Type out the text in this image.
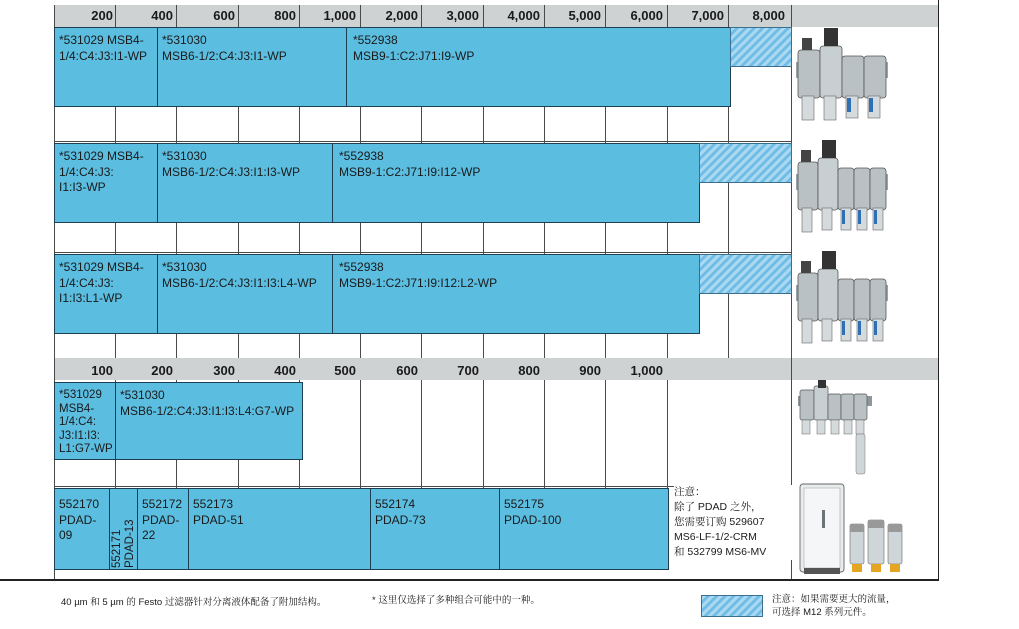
200	400	600	800	1,000	2,000	3,000	4,000	5,000	6,000	7,000	8,000
100	200	300	400	500	600	700	800	900	1,000
*531029 MSB4-
1/4:C4:J3:I1-WP
*531030
MSB6-1/2:C4:J3:I1-WP
*552938
MSB9-1:C2:J71:I9-WP
*531029 MSB4-
1/4:C4:J3:
I1:I3-WP
*531030
MSB6-1/2:C4:J3:I1:I3-WP
*552938
MSB9-1:C2:J71:I9:I12-WP
*531029 MSB4-
1/4:C4:J3:
I1:I3:L1-WP
*531030
MSB6-1/2:C4:J3:I1:I3:L4-WP
*552938
MSB9-1:C2:J71:I9:I12:L2-WP
*531029
MSB4-
1/4:C4:
J3:I1:I3:
L1:G7-WP
*531030
MSB6-1/2:C4:J3:I1:I3:L4:G7-WP
552170
PDAD-
09	552171 PDAD-13
552172
PDAD-
22
552173
PDAD-51
552174
PDAD-73
552175
PDAD-100
注意：
除了 PDAD 之外，
您需要订购 529607
MS6-LF-1/2-CRM
和 532799 MS6-MV
40 µm 和 5 µm 的 Festo 过滤器针对分离液体配备了附加结构。	* 这里仅选择了多种组合可能中的一种。	注意：如果需要更大的流量，
可选择 M12 系列元件。
